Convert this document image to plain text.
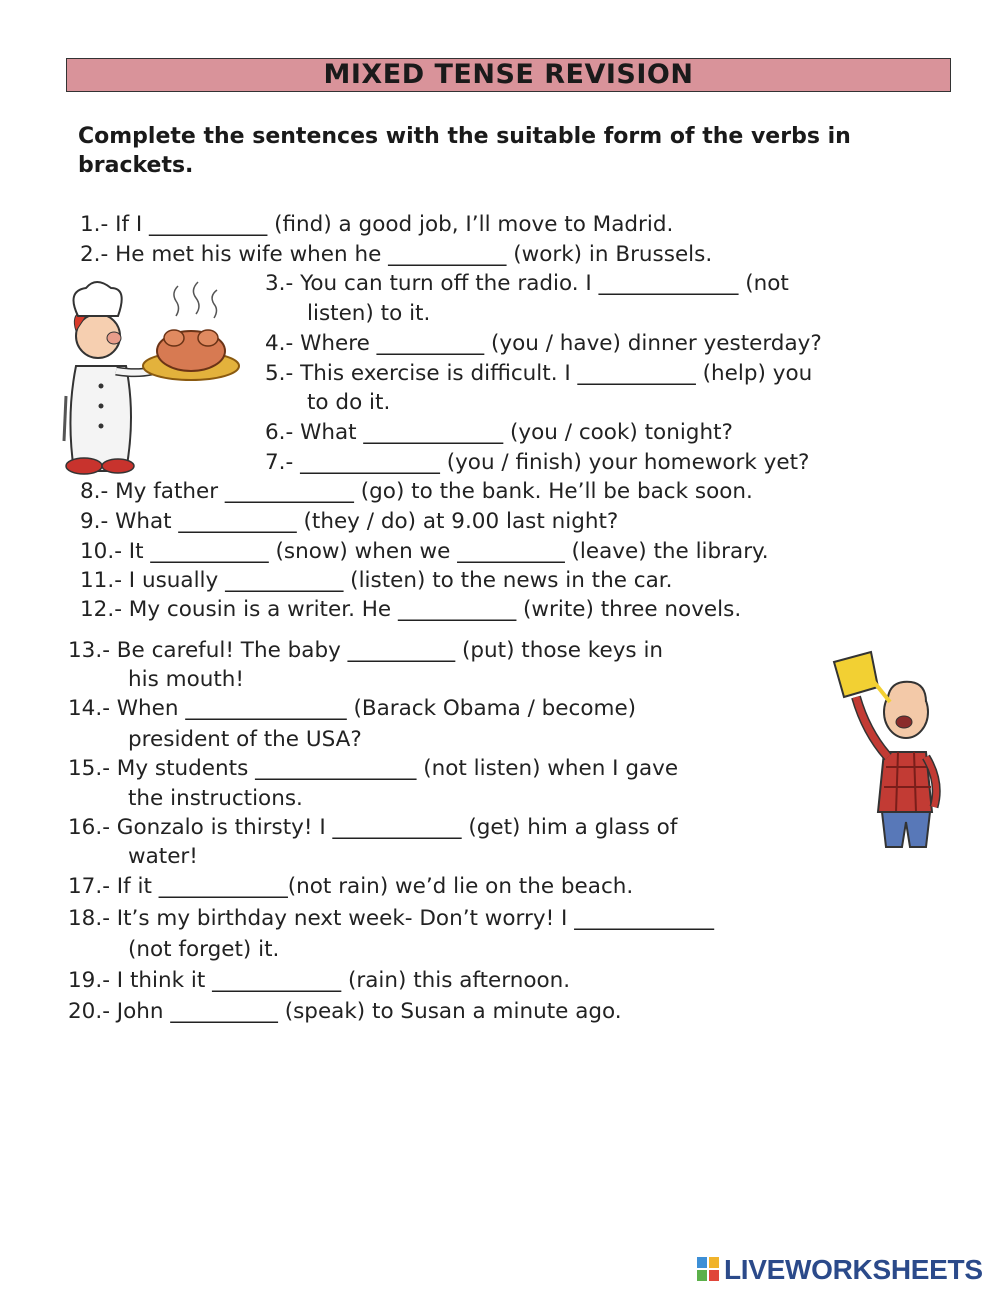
MIXED TENSE REVISION
Complete the sentences with the suitable form of the verbs in brackets.
1.- If I ___________ (find) a good job, I’ll move to Madrid.
2.- He met his wife when he ___________ (work) in Brussels.
3.- You can turn off the radio. I _____________ (not
listen) to it.
4.- Where __________ (you / have) dinner yesterday?
5.- This exercise is difficult. I ___________ (help) you
to do it.
6.- What _____________ (you / cook) tonight?
7.- _____________ (you / finish) your homework yet?
8.- My father ____________ (go) to the bank. He’ll be back soon.
9.- What ___________ (they / do) at 9.00 last night?
10.- It ___________ (snow) when we __________ (leave) the library.
11.- I usually ___________ (listen) to the news in the car.
12.- My cousin is a writer. He ___________ (write) three novels.
13.- Be careful! The baby __________ (put) those keys in
his mouth!
14.- When _______________ (Barack Obama / become)
president of the USA?
15.- My students _______________ (not listen) when I gave
the instructions.
16.- Gonzalo is thirsty! I ____________ (get) him a glass of
water!
17.- If it ____________(not rain) we’d lie on the beach.
18.- It’s my birthday next week- Don’t worry! I _____________
(not forget) it.
19.- I think it ____________ (rain) this afternoon.
20.- John __________ (speak) to Susan a minute ago.
LIVEWORKSHEETS
